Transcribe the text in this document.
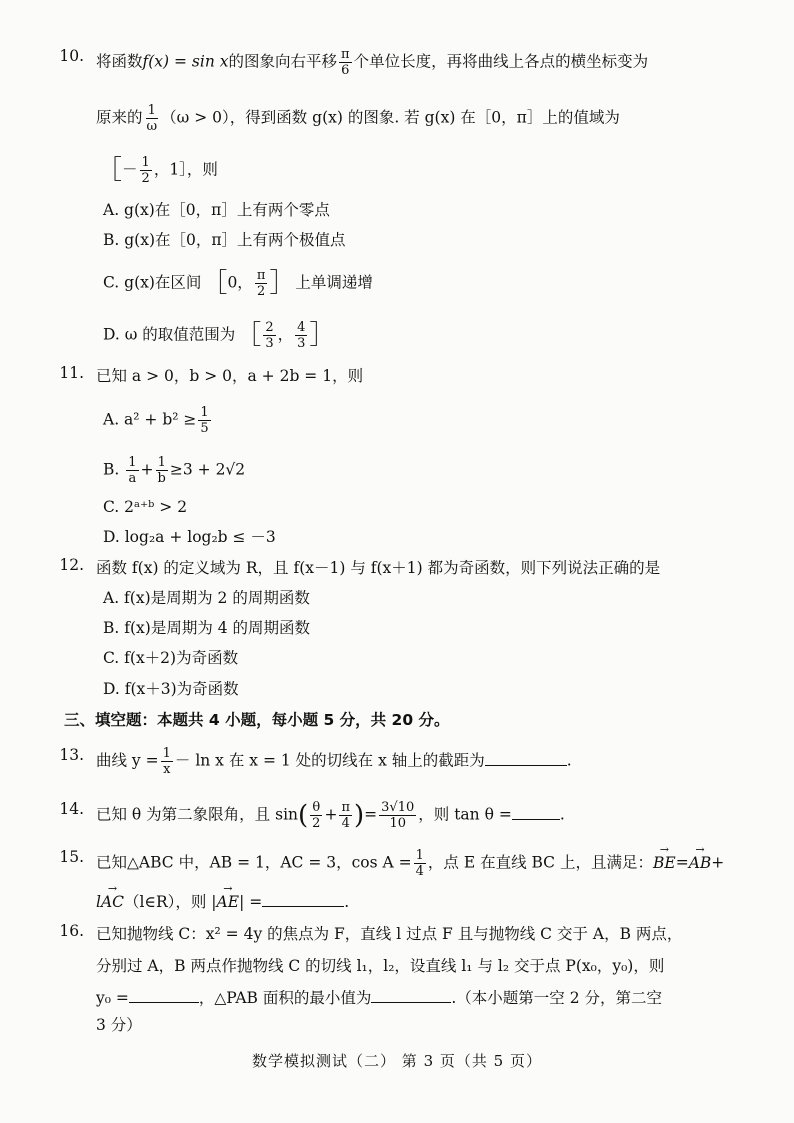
10. 将函数f(x) = sin x的图象向右平移 $\frac{\pi}{6}$ 个单位长度，再将曲线上各点的横坐标变为
原来的 $\frac{1}{\omega} (\omega > 0)$，得到函数 g(x) 的图象. 若 g(x) 在［0，π］上的值域为
［－ $\frac{1}{2}$ ，1］，则
A. g(x)在［0，π］上有两个零点
B. g(x)在［0，π］上有两个极值点
C. g(x)在区间［0， $\frac{\pi}{2}$ ］上单调递增
D. ω 的取值范围为［ $\frac{2}{3}$ ， $\frac{4}{3}$ ］
11. 已知 a > 0，b > 0，a + 2b = 1，则
A. $a^2 + b^2 \ge \frac{1}{5}$
B. $\frac{1}{a} + \frac{1}{b} \ge 3 + 2√2$
C. 2ᵃ⁺ᵇ > 2
D. log₂a + log₂b ≤ －3
12. 函数 f(x) 的定义域为 R，且 f(x－1) 与 f(x＋1) 都为奇函数，则下列说法正确的是
A. f(x)是周期为 2 的周期函数
B. f(x)是周期为 4 的周期函数
C. f(x＋2)为奇函数
D. f(x＋3)为奇函数
三、填空题：本题共 4 小题，每小题 5 分，共 20 分。
13. 曲线 $y = \frac{1}{x} - \ln x$ 在 x = 1 处的切线在 x 轴上的截距为	.
14. 已知 θ 为第二象限角，且 $\sin( \frac{\theta}{2} + \frac{\pi}{4}$ )= $\frac{3√10}{10}$ ，则 tan θ =	.
15. 已知△ABC 中，AB = 1，AC = 3，$\cos A = \frac{1}{4}$ ，点 E 在直线 BC 上，且满足：→ BE=→ AB+
l→ AC（l∈R），则 |→ AE| =	.
16. 已知抛物线 C：x² = 4y 的焦点为 F，直线 l 过点 F 且与抛物线 C 交于 A，B 两点，
分别过 A，B 两点作抛物线 C 的切线 l₁，l₂，设直线 l₁ 与 l₂ 交于点 P(x₀，y₀)，则
y₀ =	，△PAB 面积的最小值为	.（本小题第一空 2 分，第二空
3 分）
数学模拟测试（二） 第 3 页（共 5 页）
